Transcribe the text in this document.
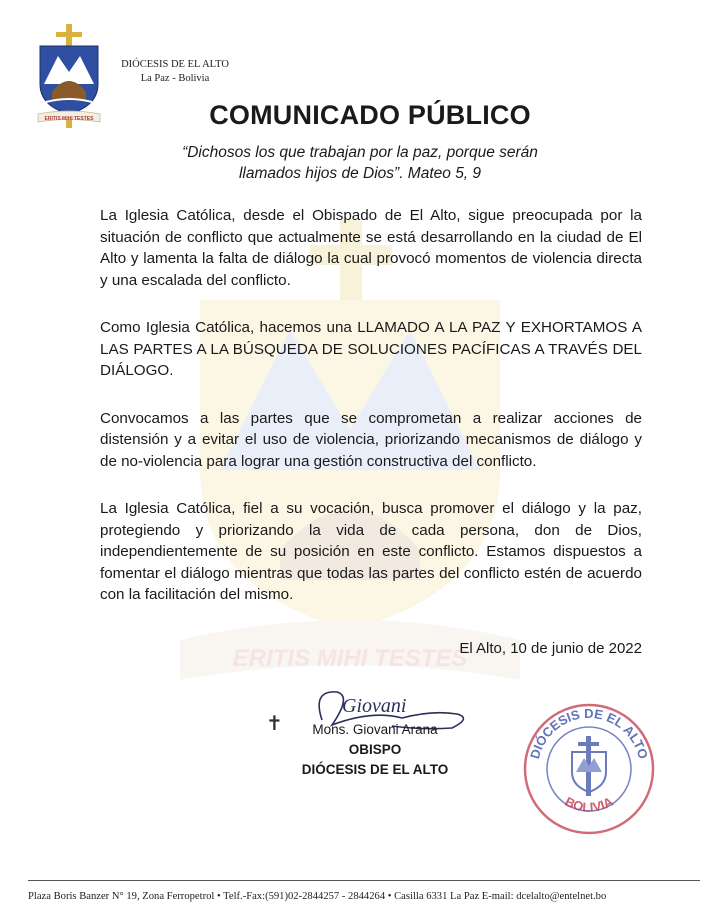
ERITIS MIHI TESTES
ERITIS MIHI TESTES
DIÓCESIS DE EL ALTO
La Paz - Bolivia
COMUNICADO PÚBLICO
“Dichosos los que trabajan por la paz, porque serán
llamados hijos de Dios”. Mateo 5, 9

La Iglesia Católica, desde el Obispado de El Alto, sigue preocupada por la situación de conflicto que actualmente se está desarrollando en la ciudad de El Alto y lamenta la falta de diálogo la cual provocó momentos de violencia directa y una escalada del conflicto.

Como Iglesia Católica, hacemos una LLAMADO A LA PAZ Y EXHORTAMOS A LAS PARTES A LA BÚSQUEDA DE SOLUCIONES PACÍFICAS A TRAVÉS DEL DIÁLOGO.

Convocamos a las partes que se comprometan a realizar acciones de distensión y a evitar el uso de violencia, priorizando mecanismos de diálogo y de no-violencia para lograr una gestión constructiva del conflicto.

La Iglesia Católica, fiel a su vocación, busca promover el diálogo y la paz, protegiendo y priorizando la vida de cada persona, don de Dios, independientemente de su posición en este conflicto. Estamos dispuestos a fomentar el diálogo mientras que todas las partes del conflicto estén de acuerdo con la facilitación del mismo.

El Alto, 10 de junio de 2022
Giovani
✝	Mons. Giovani Arana
OBISPO
DIÓCESIS DE EL ALTO
DIÓCESIS DE EL ALTO
BOLIVIA
Plaza Boris Banzer N° 19, Zona Ferropetrol • Telf.-Fax:(591)02-2844257 - 2844264 • Casilla 6331 La Paz E-mail: dcelalto@entelnet.bo
